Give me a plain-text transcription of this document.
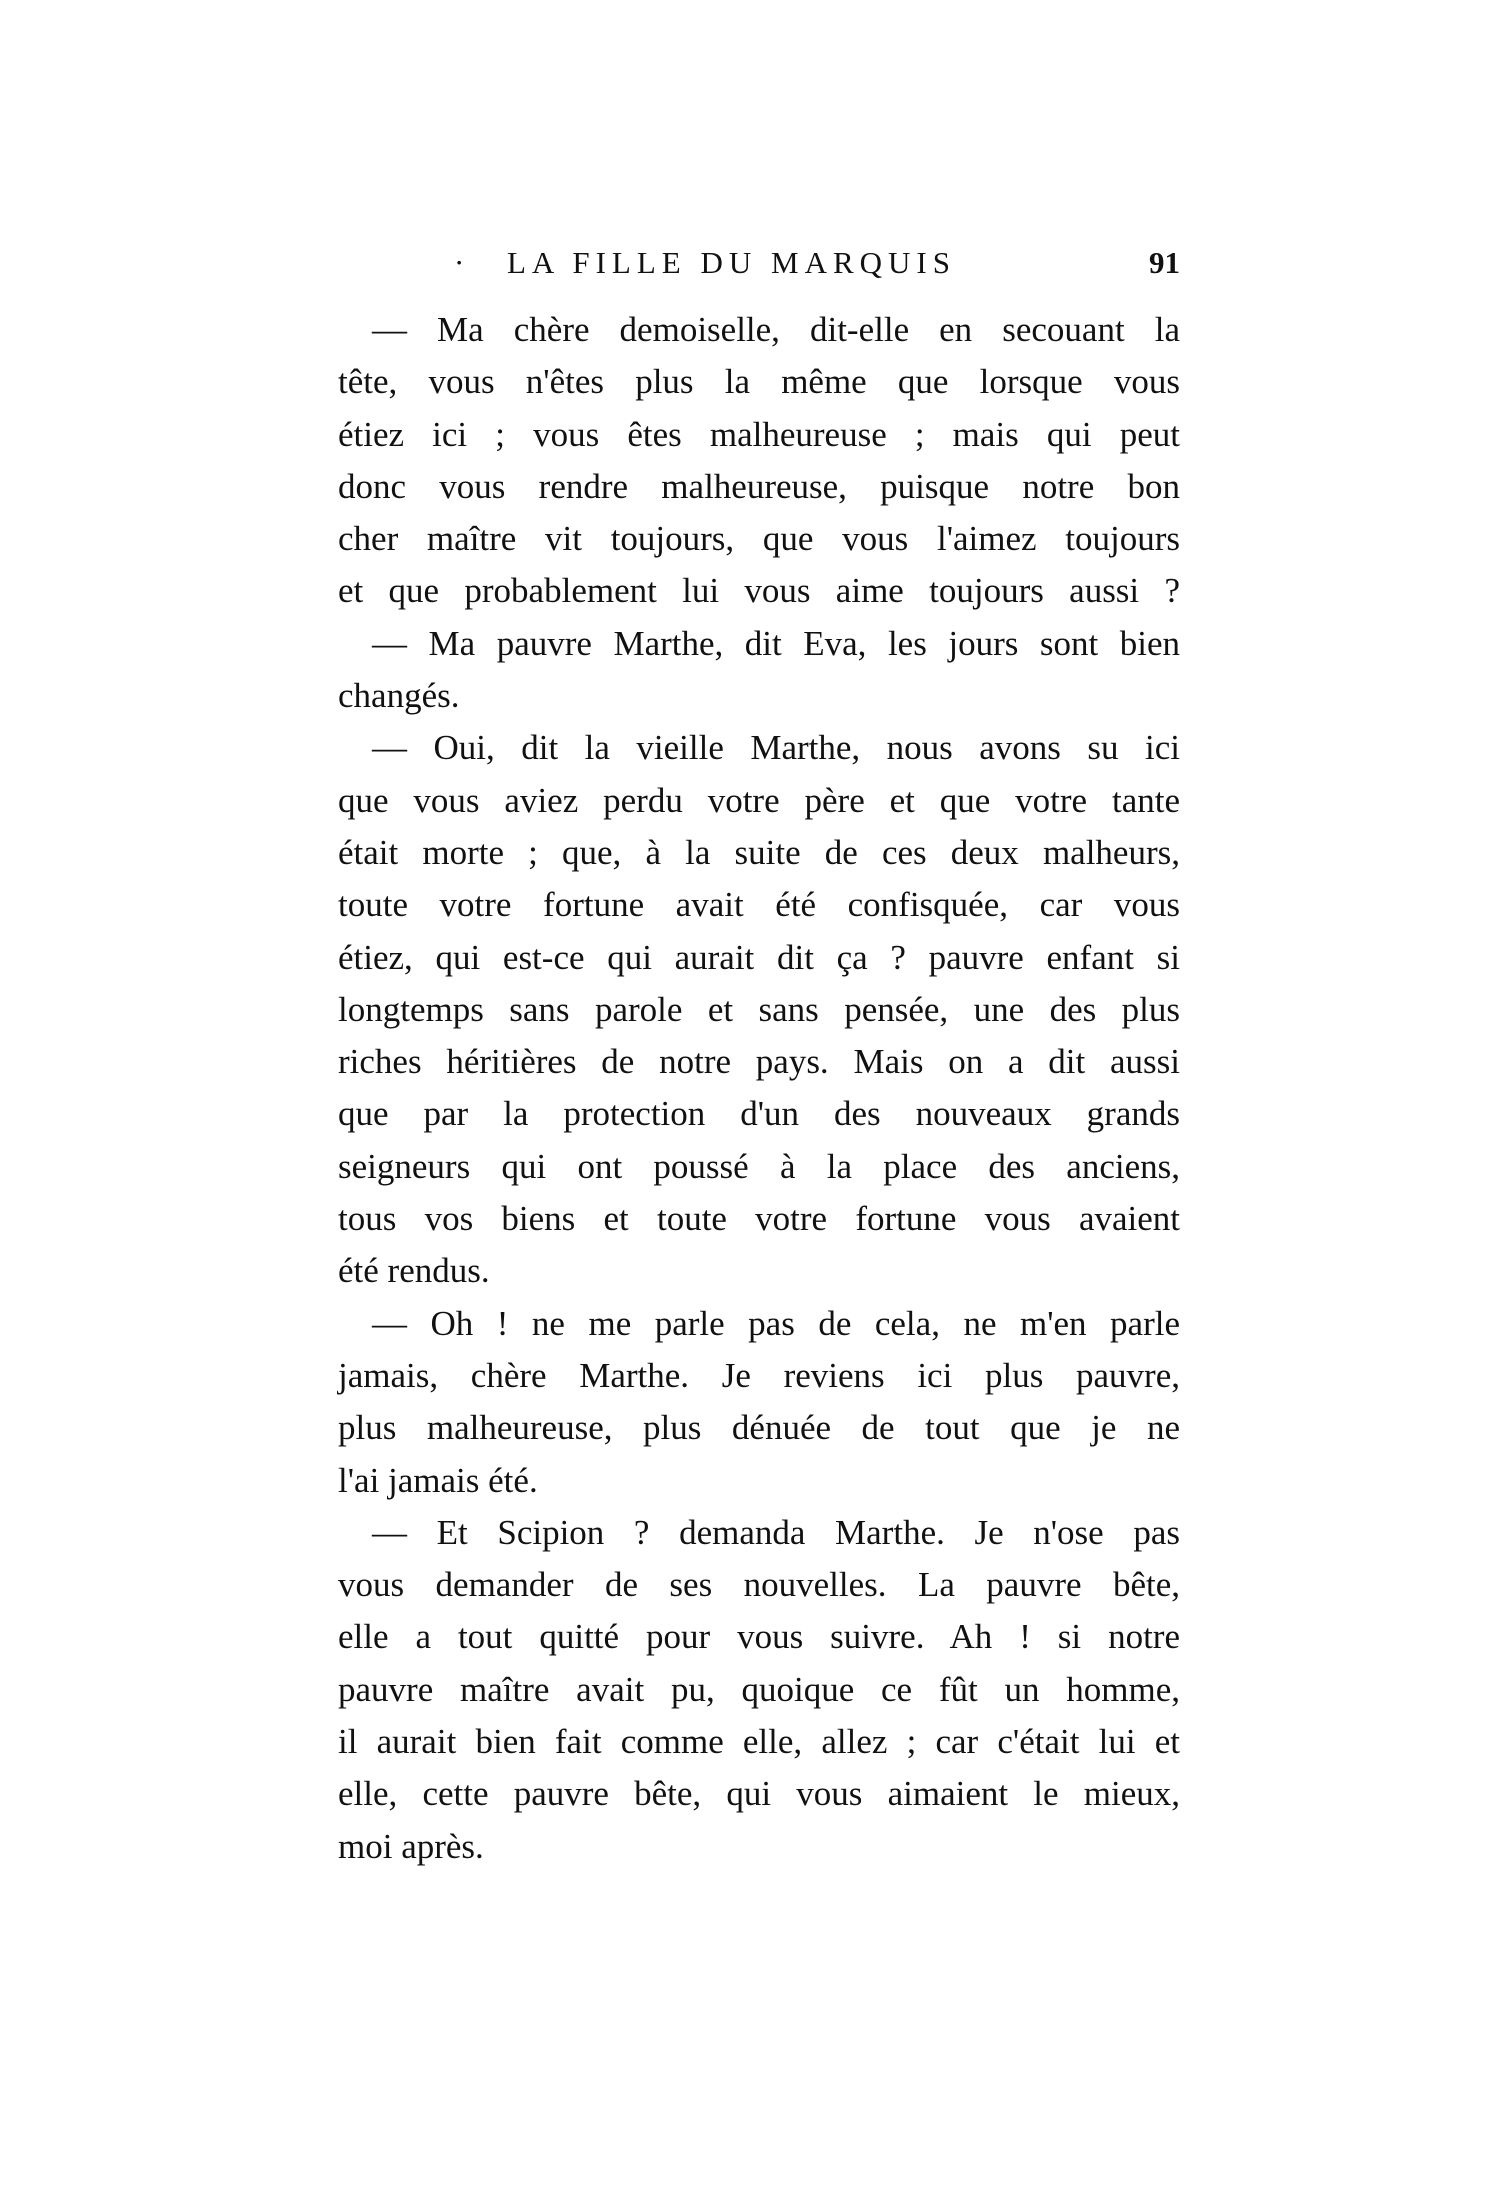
· LA FILLE DU MARQUIS	91
— Ma chère demoiselle, dit-elle en secouant la
tête, vous n'êtes plus la même que lorsque vous
étiez ici ; vous êtes malheureuse ; mais qui peut
donc vous rendre malheureuse, puisque notre bon
cher maître vit toujours, que vous l'aimez toujours
et que probablement lui vous aime toujours aussi ?
— Ma pauvre Marthe, dit Eva, les jours sont bien
changés.
— Oui, dit la vieille Marthe, nous avons su ici
que vous aviez perdu votre père et que votre tante
était morte ; que, à la suite de ces deux malheurs,
toute votre fortune avait été confisquée, car vous
étiez, qui est-ce qui aurait dit ça ? pauvre enfant si
longtemps sans parole et sans pensée, une des plus
riches héritières de notre pays. Mais on a dit aussi
que par la protection d'un des nouveaux grands
seigneurs qui ont poussé à la place des anciens,
tous vos biens et toute votre fortune vous avaient
été rendus.
— Oh ! ne me parle pas de cela, ne m'en parle
jamais, chère Marthe. Je reviens ici plus pauvre,
plus malheureuse, plus dénuée de tout que je ne
l'ai jamais été.
— Et Scipion ? demanda Marthe. Je n'ose pas
vous demander de ses nouvelles. La pauvre bête,
elle a tout quitté pour vous suivre. Ah ! si notre
pauvre maître avait pu, quoique ce fût un homme,
il aurait bien fait comme elle, allez ; car c'était lui et
elle, cette pauvre bête, qui vous aimaient le mieux,
moi après.
